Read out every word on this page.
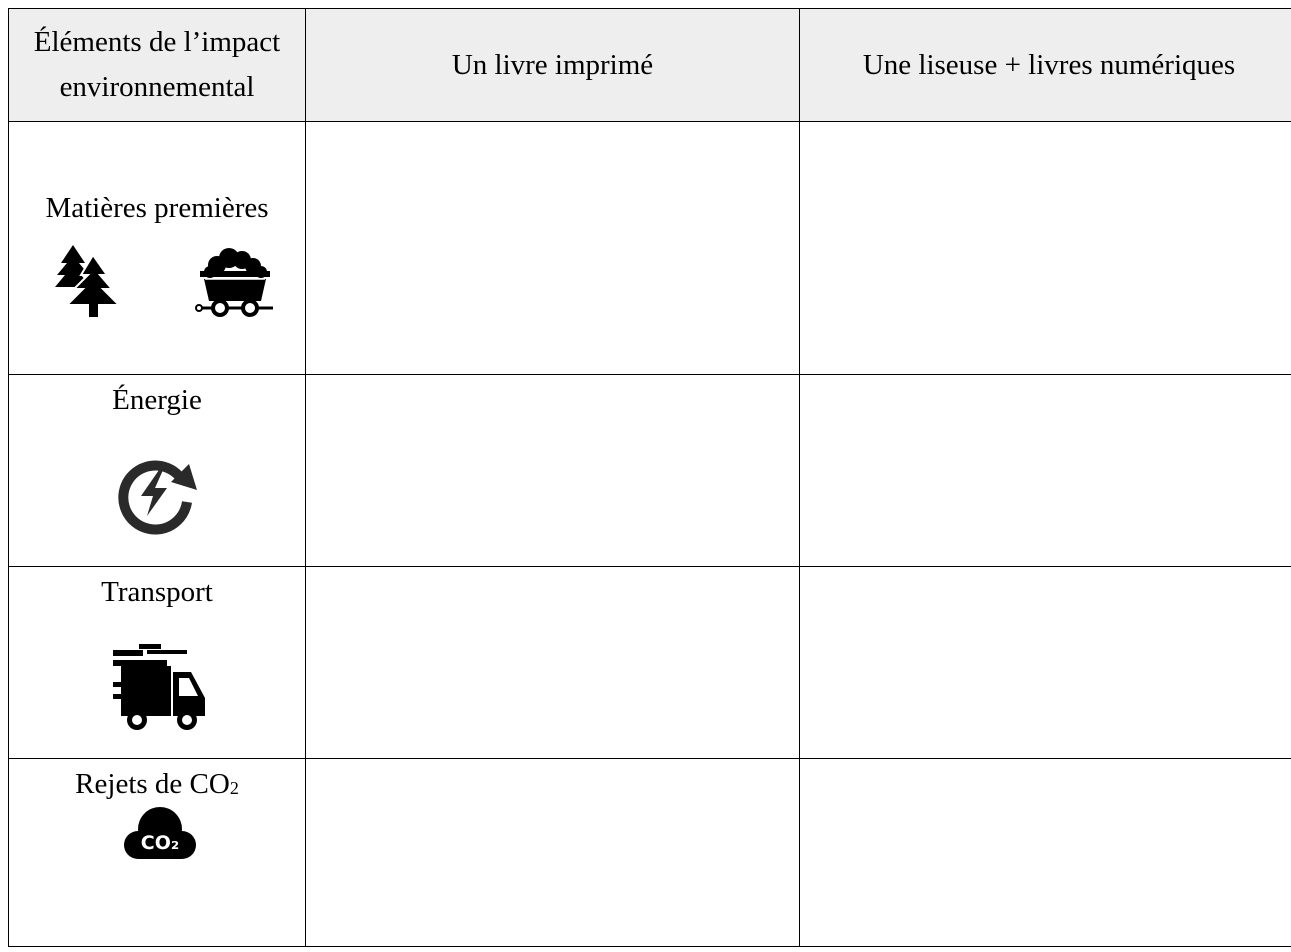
Éléments de l’impact environnemental	Un livre imprimé	Une liseuse + livres numériques

Matières premières		

Énergie		

Transport		

Rejets de $CO_2$
CO₂		
